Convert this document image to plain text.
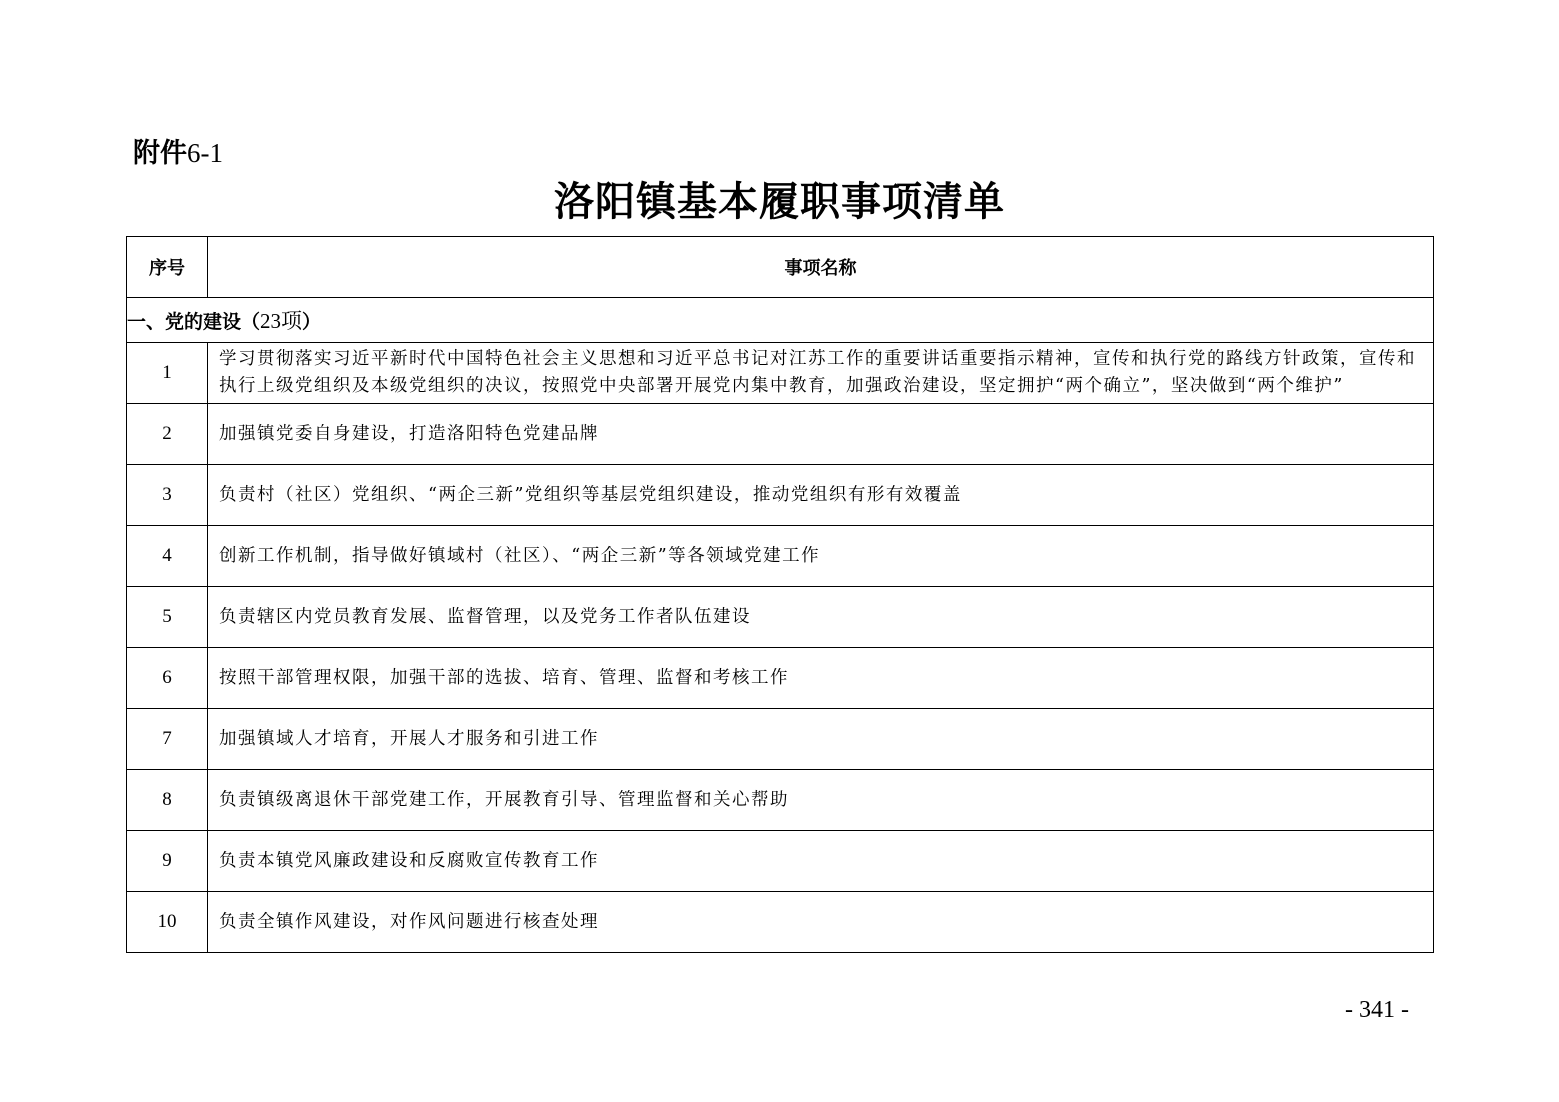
附件6-1
洛阳镇基本履职事项清单
序号	事项名称
一、党的建设（23项）	
1	学习贯彻落实习近平新时代中国特色社会主义思想和习近平总书记对江苏工作的重要讲话重要指示精神，宣传和执行党的路线方针政策，宣传和执行上级党组织及本级党组织的决议，按照党中央部署开展党内集中教育，加强政治建设，坚定拥护“两个确立”，坚决做到“两个维护”
2	加强镇党委自身建设，打造洛阳特色党建品牌
3	负责村（社区）党组织、“两企三新”党组织等基层党组织建设，推动党组织有形有效覆盖
4	创新工作机制，指导做好镇域村（社区）、“两企三新”等各领域党建工作
5	负责辖区内党员教育发展、监督管理，以及党务工作者队伍建设
6	按照干部管理权限，加强干部的选拔、培育、管理、监督和考核工作
7	加强镇域人才培育，开展人才服务和引进工作
8	负责镇级离退休干部党建工作，开展教育引导、管理监督和关心帮助
9	负责本镇党风廉政建设和反腐败宣传教育工作
10	负责全镇作风建设，对作风问题进行核查处理
- 341 -
